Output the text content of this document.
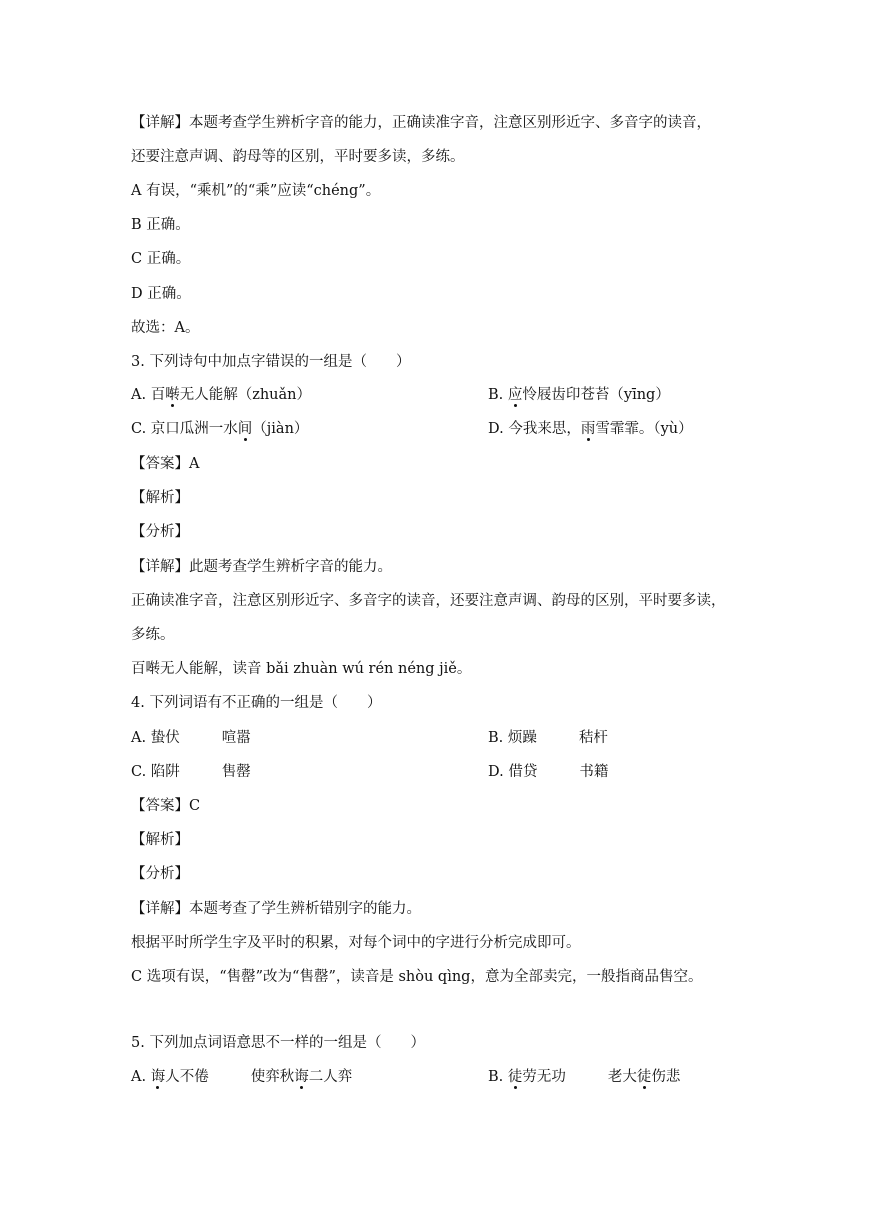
【详解】本题考查学生辨析字音的能力，正确读准字音，注意区别形近字、多音字的读音，
还要注意声调、韵母等的区别，平时要多读，多练。
A 有误，“乘机”的“乘”应读“chéng”。
B 正确。
C 正确。
D 正确。
故选：A。
3. 下列诗句中加点字错误的一组是（　　）
A. 百啭无人能解（zhuǎn）	B. 应怜屐齿印苍苔（yīng）
C. 京口瓜洲一水间（jiàn）	D. 今我来思，雨雪霏霏。（yù）
【答案】A
【解析】
【分析】
【详解】此题考查学生辨析字音的能力。
正确读准字音，注意区别形近字、多音字的读音，还要注意声调、韵母的区别，平时要多读，
多练。
百啭无人能解，读音 bǎi zhuàn wú rén néng jiě。
4. 下列词语有不正确的一组是（　　）
A. 蛰伏	喧嚣	B. 烦躁	秸杆
C. 陷阱	售罄	D. 借贷	书籍
【答案】C
【解析】
【分析】
【详解】本题考查了学生辨析错别字的能力。
根据平时所学生字及平时的积累，对每个词中的字进行分析完成即可。
C 选项有误，“售罄”改为“售罄”，读音是 shòu qìng，意为全部卖完，一般指商品售空。
5. 下列加点词语意思不一样的一组是（　　）
A. 诲人不倦	使弈秋诲二人弈	B. 徒劳无功	老大徒伤悲
